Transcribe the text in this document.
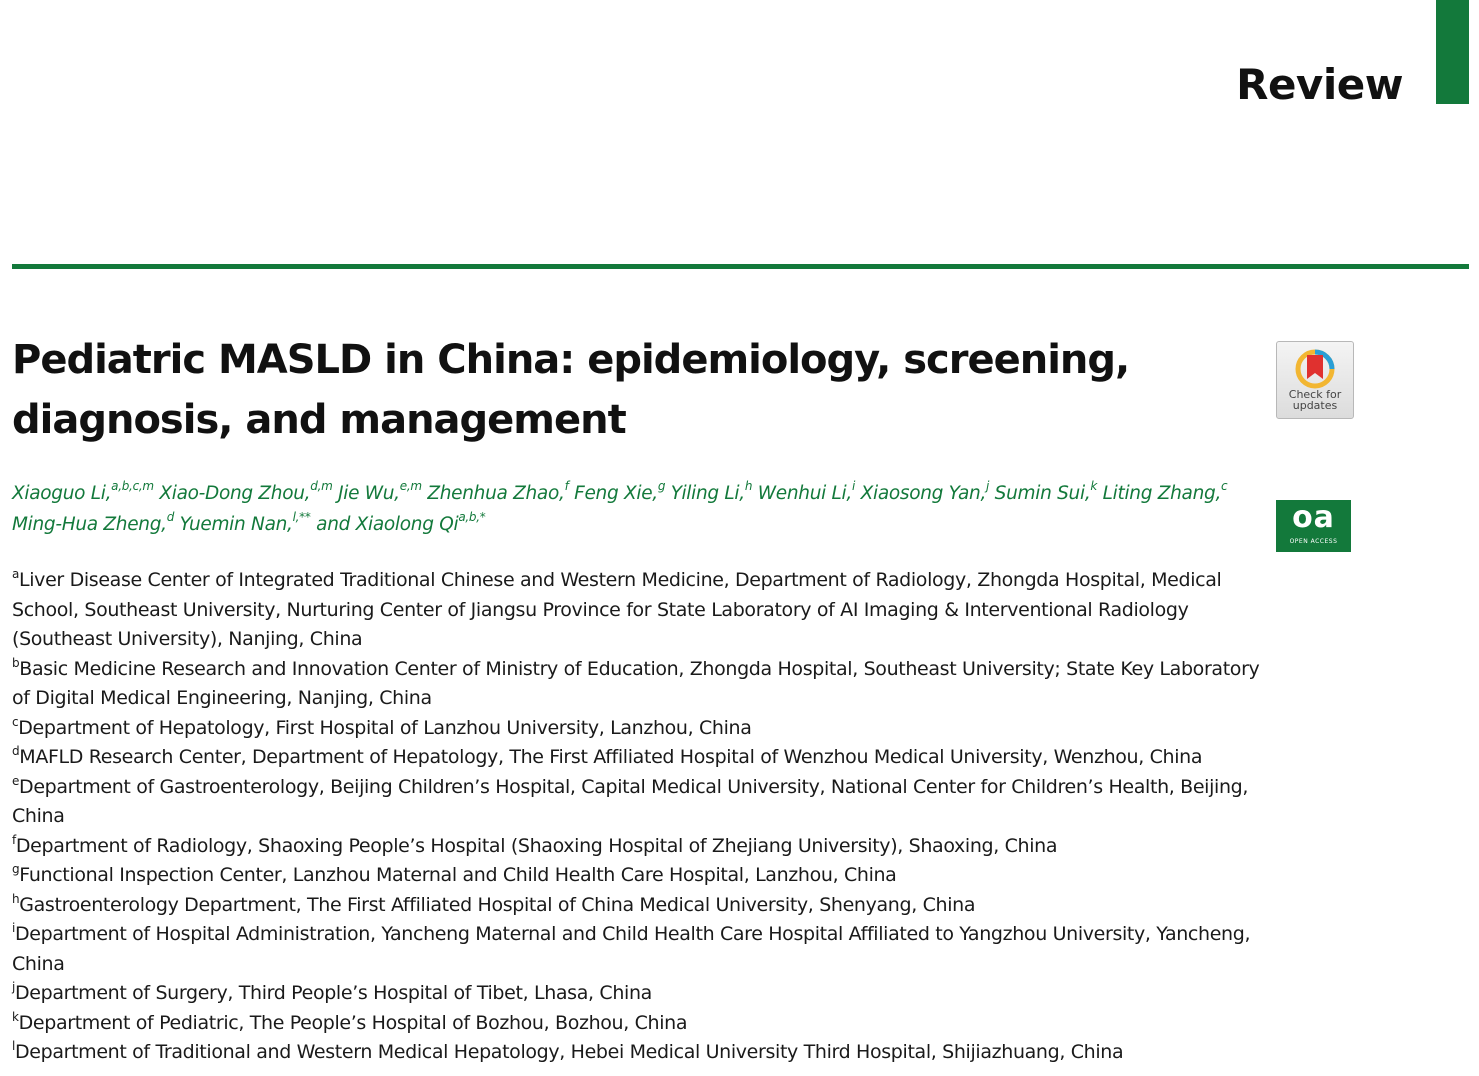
Review
Pediatric MASLD in China: epidemiology, screening, diagnosis, and management
Check for
updates
oa
OPEN ACCESS
Xiaoguo Li,$^{a,b,c,m}$ Xiao-Dong Zhou,$^{d,m}$ Jie Wu,$^{e,m}$ Zhenhua Zhao,$^f$ Feng Xie,$^g$ Yiling Li,$^h$ Wenhui Li,$^i$ Xiaosong Yan,$^j$ Sumin Sui,$^k$ Liting Zhang,$^c$ Ming-Hua Zheng,$^d$ Yuemin Nan,$^{l,**}$ and Xiaolong $Qi^{a,b,*}$

$^a$Liver Disease Center of Integrated Traditional Chinese and Western Medicine, Department of Radiology, Zhongda Hospital, Medical School, Southeast University, Nurturing Center of Jiangsu Province for State Laboratory of AI Imaging & Interventional Radiology (Southeast University), Nanjing, China

$^b$Basic Medicine Research and Innovation Center of Ministry of Education, Zhongda Hospital, Southeast University; State Key Laboratory of Digital Medical Engineering, Nanjing, China

$^c$Department of Hepatology, First Hospital of Lanzhou University, Lanzhou, China

$^d$MAFLD Research Center, Department of Hepatology, The First Affiliated Hospital of Wenzhou Medical University, Wenzhou, China

$^e$Department of Gastroenterology, Beijing Children’s Hospital, Capital Medical University, National Center for Children’s Health, Beijing, China

$^f$Department of Radiology, Shaoxing People’s Hospital (Shaoxing Hospital of Zhejiang University), Shaoxing, China

$^g$Functional Inspection Center, Lanzhou Maternal and Child Health Care Hospital, Lanzhou, China

$^h$Gastroenterology Department, The First Affiliated Hospital of China Medical University, Shenyang, China

$^i$Department of Hospital Administration, Yancheng Maternal and Child Health Care Hospital Affiliated to Yangzhou University, Yancheng, China

$^j$Department of Surgery, Third People’s Hospital of Tibet, Lhasa, China

$^k$Department of Pediatric, The People’s Hospital of Bozhou, Bozhou, China

$^l$Department of Traditional and Western Medical Hepatology, Hebei Medical University Third Hospital, Shijiazhuang, China
